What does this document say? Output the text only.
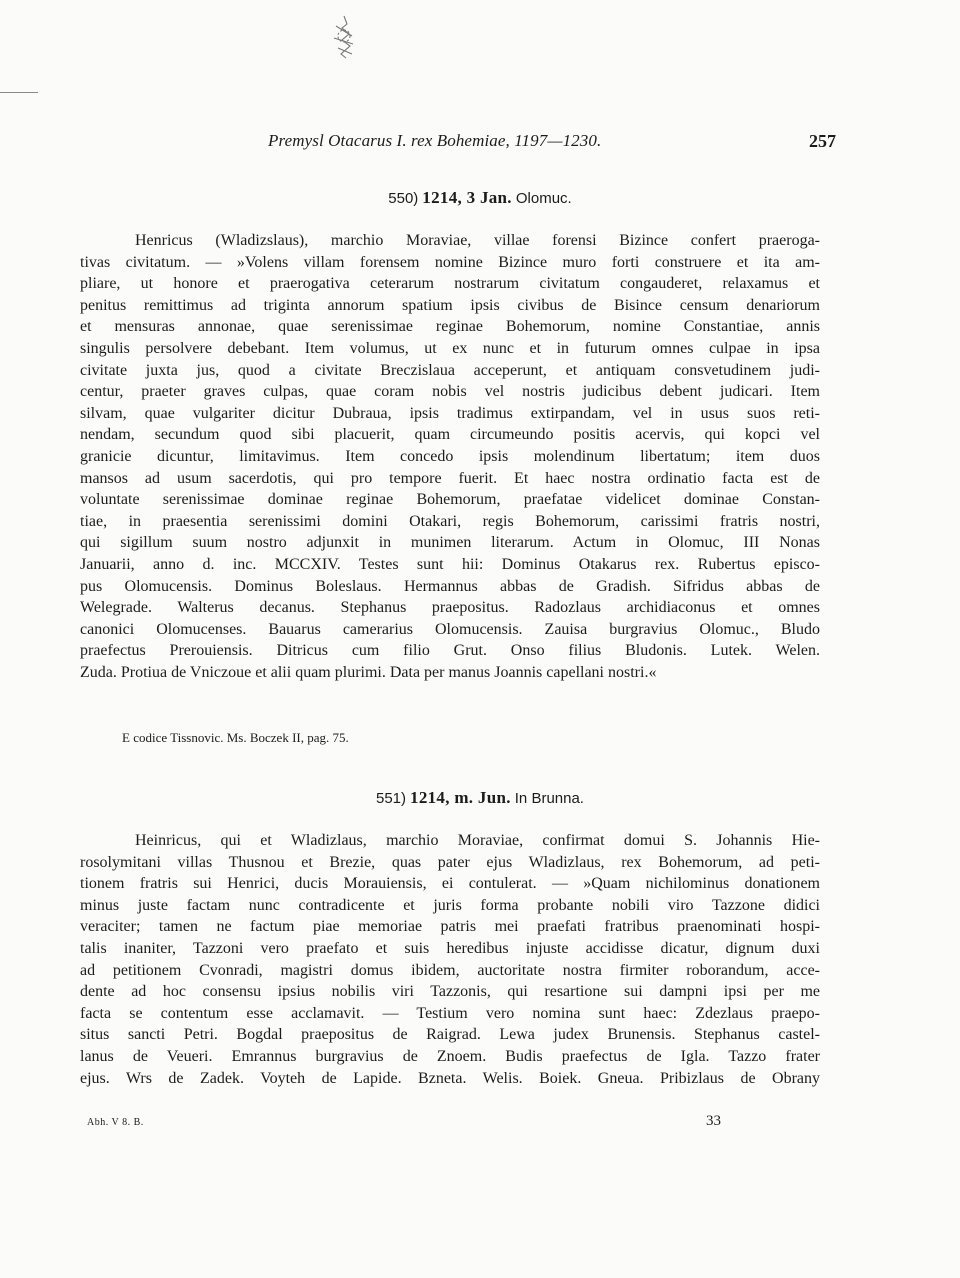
Premysl Otacarus I. rex Bohemiae, 1197—1230.	257
550) 1214, 3 Jan. Olomuc.
Henricus (Wladizslaus), marchio Moraviae, villae forensi Bizince confert praeroga-
tivas civitatum. — »Volens villam forensem nomine Bizince muro forti construere et ita am-
pliare, ut honore et praerogativa ceterarum nostrarum civitatum congauderet, relaxamus et
penitus remittimus ad triginta annorum spatium ipsis civibus de Bisince censum denariorum
et mensuras annonae, quae serenissimae reginae Bohemorum, nomine Constantiae, annis
singulis persolvere debebant. Item volumus, ut ex nunc et in futurum omnes culpae in ipsa
civitate juxta jus, quod a civitate Breczislaua acceperunt, et antiquam consvetudinem judi-
centur, praeter graves culpas, quae coram nobis vel nostris judicibus debent judicari. Item
silvam, quae vulgariter dicitur Dubraua, ipsis tradimus extirpandam, vel in usus suos reti-
nendam, secundum quod sibi placuerit, quam circumeundo positis acervis, qui kopci vel
granicie dicuntur, limitavimus. Item concedo ipsis molendinum libertatum; item duos
mansos ad usum sacerdotis, qui pro tempore fuerit. Et haec nostra ordinatio facta est de
voluntate serenissimae dominae reginae Bohemorum, praefatae videlicet dominae Constan-
tiae, in praesentia serenissimi domini Otakari, regis Bohemorum, carissimi fratris nostri,
qui sigillum suum nostro adjunxit in munimen literarum. Actum in Olomuc, III Nonas
Januarii, anno d. inc. MCCXIV. Testes sunt hii: Dominus Otakarus rex. Rubertus episco-
pus Olomucensis. Dominus Boleslaus. Hermannus abbas de Gradish. Sifridus abbas de
Welegrade. Walterus decanus. Stephanus praepositus. Radozlaus archidiaconus et omnes
canonici Olomucenses. Bauarus camerarius Olomucensis. Zauisa burgravius Olomuc., Bludo
praefectus Prerouiensis. Ditricus cum filio Grut. Onso filius Bludonis. Lutek. Welen.
Zuda. Protiua de Vniczoue et alii quam plurimi. Data per manus Joannis capellani nostri.«
E codice Tissnovic. Ms. Boczek II, pag. 75.
551) 1214, m. Jun. In Brunna.
Heinricus, qui et Wladizlaus, marchio Moraviae, confirmat domui S. Johannis Hie-
rosolymitani villas Thusnou et Brezie, quas pater ejus Wladizlaus, rex Bohemorum, ad peti-
tionem fratris sui Henrici, ducis Morauiensis, ei contulerat. — »Quam nichilominus donationem
minus juste factam nunc contradicente et juris forma probante nobili viro Tazzone didici
veraciter; tamen ne factum piae memoriae patris mei praefati fratribus praenominati hospi-
talis inaniter, Tazzoni vero praefato et suis heredibus injuste accidisse dicatur, dignum duxi
ad petitionem Cvonradi, magistri domus ibidem, auctoritate nostra firmiter roborandum, acce-
dente ad hoc consensu ipsius nobilis viri Tazzonis, qui resartione sui dampni ipsi per me
facta se contentum esse acclamavit. — Testium vero nomina sunt haec: Zdezlaus praepo-
situs sancti Petri. Bogdal praepositus de Raigrad. Lewa judex Brunensis. Stephanus castel-
lanus de Veueri. Emrannus burgravius de Znoem. Budis praefectus de Igla. Tazzo frater
ejus. Wrs de Zadek. Voyteh de Lapide. Bzneta. Welis. Boiek. Gneua. Pribizlaus de Obrany
Abh. V 8. B.	33
